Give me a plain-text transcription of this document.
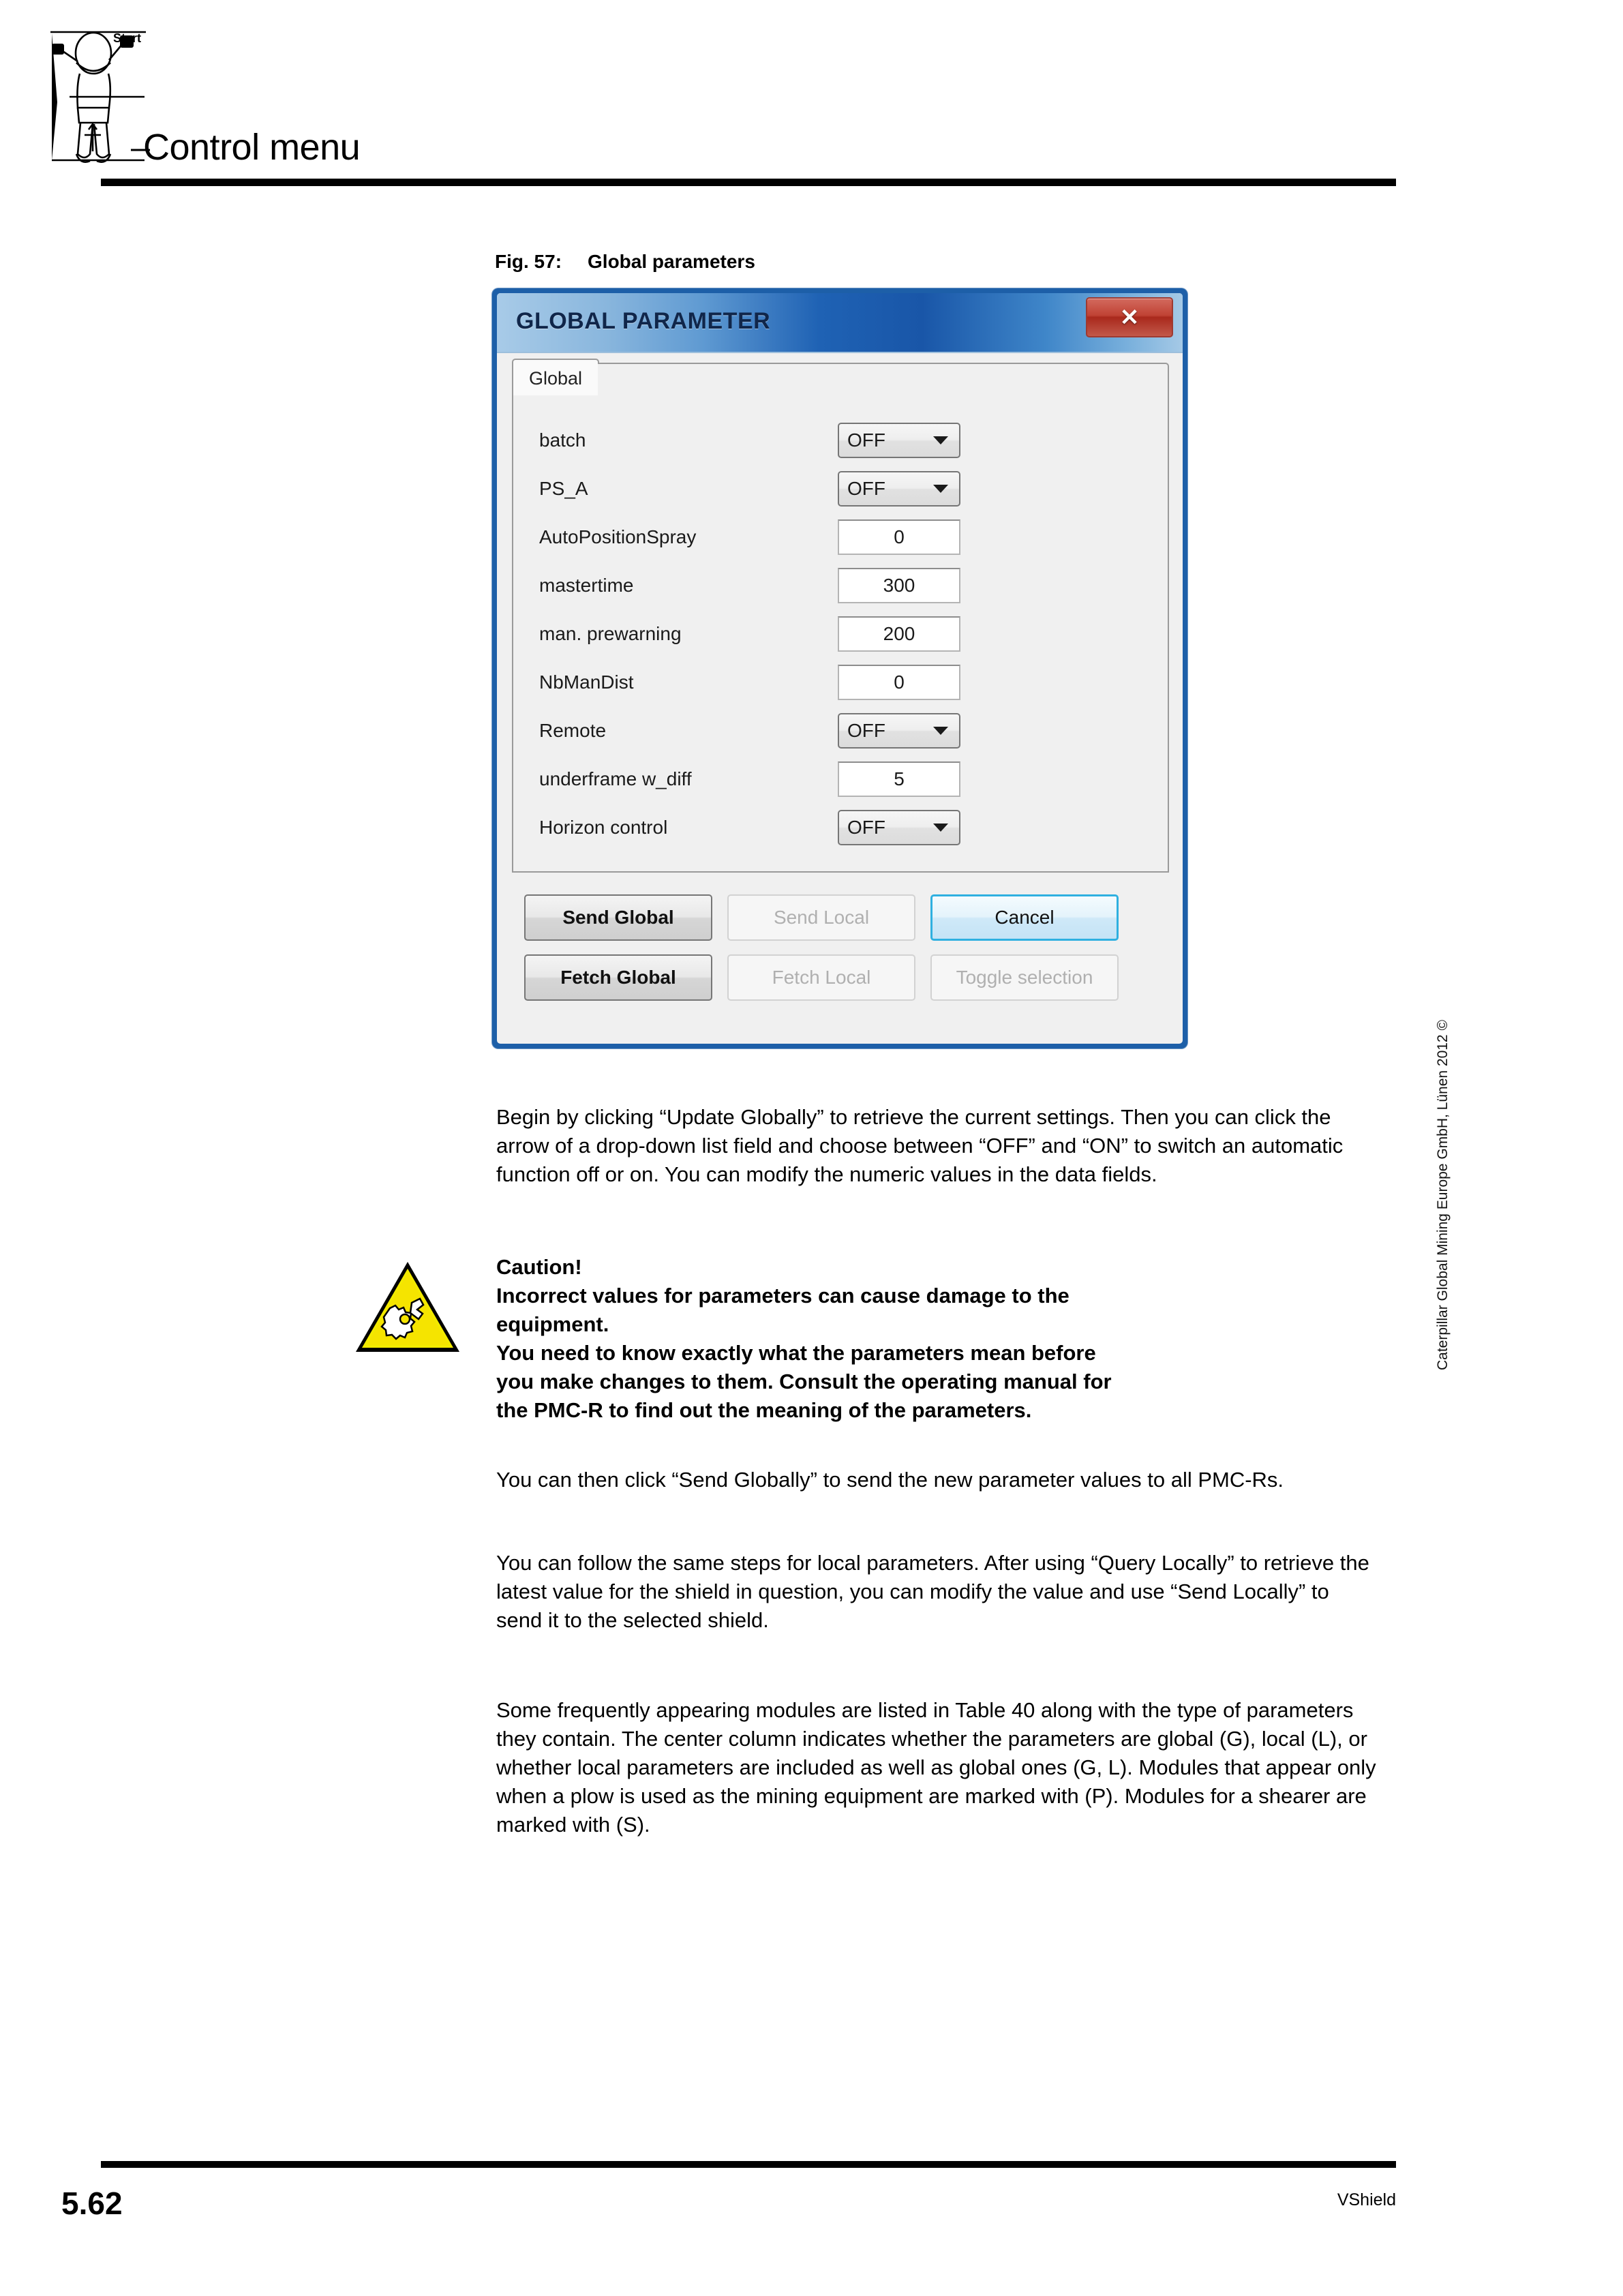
Start
Control menu
Fig. 57: Global parameters
GLOBAL PARAMETER	✕
Global
batch	OFF
PS_A	OFF
AutoPositionSpray	0
mastertime	300
man. prewarning	200
NbManDist	0
Remote	OFF
underframe w_diff	5
Horizon control	OFF
Send Global	Send Local	Cancel
Fetch Global	Fetch Local	Toggle selection
Begin by clicking “Update Globally” to retrieve the current settings. Then you can click the arrow of a drop-down list field and choose between “OFF” and “ON” to switch an automatic function off or on. You can modify the numeric values in the data fields.
Caution!
Incorrect values for parameters can cause damage to the
equipment.
You need to know exactly what the parameters mean before
you make changes to them. Consult the operating manual for
the PMC-R to find out the meaning of the parameters.
You can then click “Send Globally” to send the new parameter values to all PMC-Rs.
You can follow the same steps for local parameters. After using “Query Locally” to retrieve the latest value for the shield in question, you can modify the value and use “Send Locally” to send it to the selected shield.
Some frequently appearing modules are listed in Table 40 along with the type of parameters they contain. The center column indicates whether the parameters are global (G), local (L), or whether local parameters are included as well as global ones (G, L). Modules that appear only when a plow is used as the mining equipment are marked with (P). Modules for a shearer are marked with (S).
Caterpillar Global Mining Europe GmbH, Lünen 2012 ©
5.62	VShield
